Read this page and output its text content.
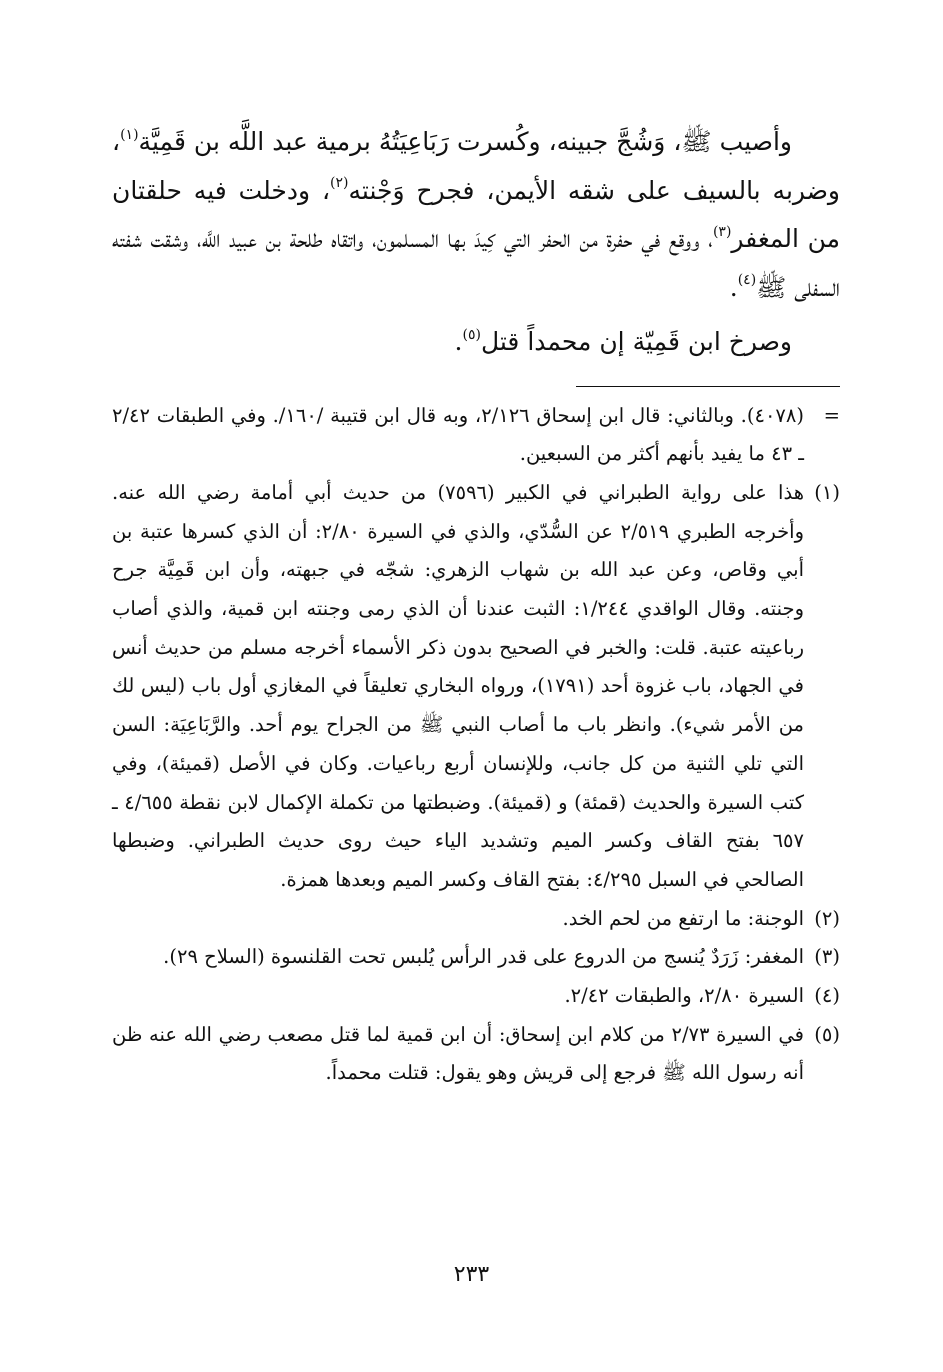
وأصيب ﷺ، وَشُجَّ جبينه، وكُسرت رَبَاعِيَتُهُ برمية عبد اللَّه بن قَمِيَّة$^{(١)}$، وضربه بالسيف على شقه الأيمن، فجرح وَجْنته$^{(٢)}$، ودخلت فيه حلقتان من المغفر$^{(٣)}$، ووقع في حفرة من الحفر التي كِيدَ بها المسلمون، واتقاه طلحة بن عبيد اللَّه، وشقت شفته السفلى ﷺ$^{(٤)}$.

وصرخ ابن قَمِيّة إن محمداً قتل$^{(٥)}$.

=

(٤٠٧٨). وبالثاني: قال ابن إسحاق ٢/١٢٦، وبه قال ابن قتيبة /١٦٠/. وفي الطبقات ٢/٤٢ ـ ٤٣ ما يفيد بأنهم أكثر من السبعين.

(١)

هذا على رواية الطبراني في الكبير (٧٥٩٦) من حديث أبي أمامة رضي الله عنه. وأخرجه الطبري ٢/٥١٩ عن السُّدّي، والذي في السيرة ٢/٨٠: أن الذي كسرها عتبة بن أبي وقاص، وعن عبد الله بن شهاب الزهري: شجّه في جبهته، وأن ابن قَمِيَّة جرح وجنته. وقال الواقدي ١/٢٤٤: الثبت عندنا أن الذي رمى وجنته ابن قمية، والذي أصاب رباعيته عتبة. قلت: والخبر في الصحيح بدون ذكر الأسماء أخرجه مسلم من حديث أنس في الجهاد، باب غزوة أحد (١٧٩١)، ورواه البخاري تعليقاً في المغازي أول باب (ليس لك من الأمر شيء). وانظر باب ما أصاب النبي ﷺ من الجراح يوم أحد. والرَّبَاعِيَة: السن التي تلي الثنية من كل جانب، وللإنسان أربع رباعيات. وكان في الأصل (قميئة)، وفي كتب السيرة والحديث (قمئة) و (قميئة). وضبطتها من تكملة الإكمال لابن نقطة ٤/٦٥٥ ـ ٦٥٧ بفتح القاف وكسر الميم وتشديد الياء حيث روى حديث الطبراني. وضبطها الصالحي في السبل ٤/٢٩٥: بفتح القاف وكسر الميم وبعدها همزة.

(٢)

الوجنة: ما ارتفع من لحم الخد.

(٣)

المغفر: زَرَدٌ يُنسج من الدروع على قدر الرأس يُلبس تحت القلنسوة (السلاح ٢٩).

(٤)

السيرة ٢/٨٠، والطبقات ٢/٤٢.

(٥)

في السيرة ٢/٧٣ من كلام ابن إسحاق: أن ابن قمية لما قتل مصعب رضي الله عنه ظن أنه رسول الله ﷺ فرجع إلى قريش وهو يقول: قتلت محمداً.

٢٣٣
